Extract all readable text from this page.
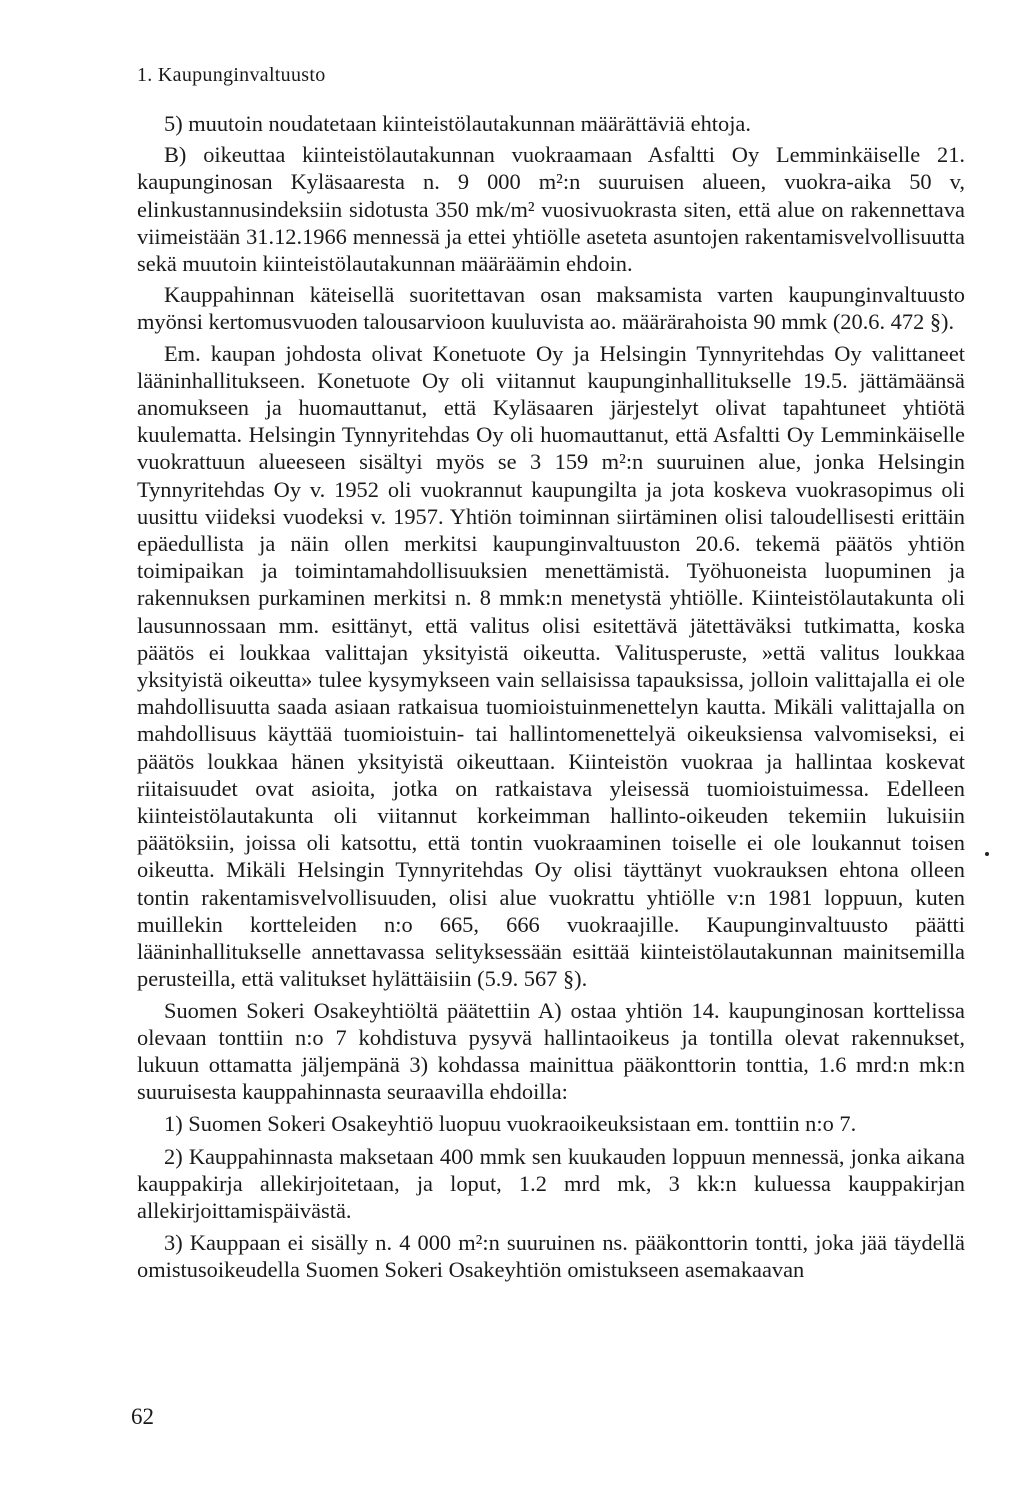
1. Kaupunginvaltuusto

5) muutoin noudatetaan kiinteistölautakunnan määrättäviä ehtoja.

B) oikeuttaa kiinteistölautakunnan vuokraamaan Asfaltti Oy Lemminkäiselle 21. kaupunginosan Kyläsaaresta n. 9 000 m²:n suuruisen alueen, vuokra-aika 50 v, elinkustannusindeksiin sidotusta 350 mk/m² vuosivuokrasta siten, että alue on rakennettava viimeistään 31.12.1966 mennessä ja ettei yhtiölle aseteta asuntojen rakentamisvelvollisuutta sekä muutoin kiinteistölautakunnan määräämin ehdoin.

Kauppahinnan käteisellä suoritettavan osan maksamista varten kaupunginvaltuusto myönsi kertomusvuoden talousarvioon kuuluvista ao. määrärahoista 90 mmk (20.6. 472 §).

Em. kaupan johdosta olivat Konetuote Oy ja Helsingin Tynnyritehdas Oy valittaneet lääninhallitukseen. Konetuote Oy oli viitannut kaupunginhallitukselle 19.5. jättämäänsä anomukseen ja huomauttanut, että Kyläsaaren järjestelyt olivat tapahtuneet yhtiötä kuulematta. Helsingin Tynnyritehdas Oy oli huomauttanut, että Asfaltti Oy Lemminkäiselle vuokrattuun alueeseen sisältyi myös se 3 159 m²:n suuruinen alue, jonka Helsingin Tynnyritehdas Oy v. 1952 oli vuokrannut kaupungilta ja jota koskeva vuokrasopimus oli uusittu viideksi vuodeksi v. 1957. Yhtiön toiminnan siirtäminen olisi taloudellisesti erittäin epäedullista ja näin ollen merkitsi kaupunginvaltuuston 20.6. tekemä päätös yhtiön toimipaikan ja toimintamahdollisuuksien menettämistä. Työhuoneista luopuminen ja rakennuksen purkaminen merkitsi n. 8 mmk:n menetystä yhtiölle. Kiinteistölautakunta oli lausunnossaan mm. esittänyt, että valitus olisi esitettävä jätettäväksi tutkimatta, koska päätös ei loukkaa valittajan yksityistä oikeutta. Valitusperuste, »että valitus loukkaa yksityistä oikeutta» tulee kysymykseen vain sellaisissa tapauksissa, jolloin valittajalla ei ole mahdollisuutta saada asiaan ratkaisua tuomioistuinmenettelyn kautta. Mikäli valittajalla on mahdollisuus käyttää tuomioistuin- tai hallintomenettelyä oikeuksiensa valvomiseksi, ei päätös loukkaa hänen yksityistä oikeuttaan. Kiinteistön vuokraa ja hallintaa koskevat riitaisuudet ovat asioita, jotka on ratkaistava yleisessä tuomioistuimessa. Edelleen kiinteistölautakunta oli viitannut korkeimman hallinto-oikeuden tekemiin lukuisiin päätöksiin, joissa oli katsottu, että tontin vuokraaminen toiselle ei ole loukannut toisen oikeutta. Mikäli Helsingin Tynnyritehdas Oy olisi täyttänyt vuokrauksen ehtona olleen tontin rakentamisvelvollisuuden, olisi alue vuokrattu yhtiölle v:n 1981 loppuun, kuten muillekin kortteleiden n:o 665, 666 vuokraajille. Kaupunginvaltuusto päätti lääninhallitukselle annettavassa selityksessään esittää kiinteistölautakunnan mainitsemilla perusteilla, että valitukset hylättäisiin (5.9. 567 §).

Suomen Sokeri Osakeyhtiöltä päätettiin A) ostaa yhtiön 14. kaupunginosan korttelissa olevaan tonttiin n:o 7 kohdistuva pysyvä hallintaoikeus ja tontilla olevat rakennukset, lukuun ottamatta jäljempänä 3) kohdassa mainittua pääkonttorin tonttia, 1.6 mrd:n mk:n suuruisesta kauppahinnasta seuraavilla ehdoilla:

1) Suomen Sokeri Osakeyhtiö luopuu vuokraoikeuksistaan em. tonttiin n:o 7.

2) Kauppahinnasta maksetaan 400 mmk sen kuukauden loppuun mennessä, jonka aikana kauppakirja allekirjoitetaan, ja loput, 1.2 mrd mk, 3 kk:n kuluessa kauppakirjan allekirjoittamispäivästä.

3) Kauppaan ei sisälly n. 4 000 m²:n suuruinen ns. pääkonttorin tontti, joka jää täydellä omistusoikeudella Suomen Sokeri Osakeyhtiön omistukseen asemakaavan

62
